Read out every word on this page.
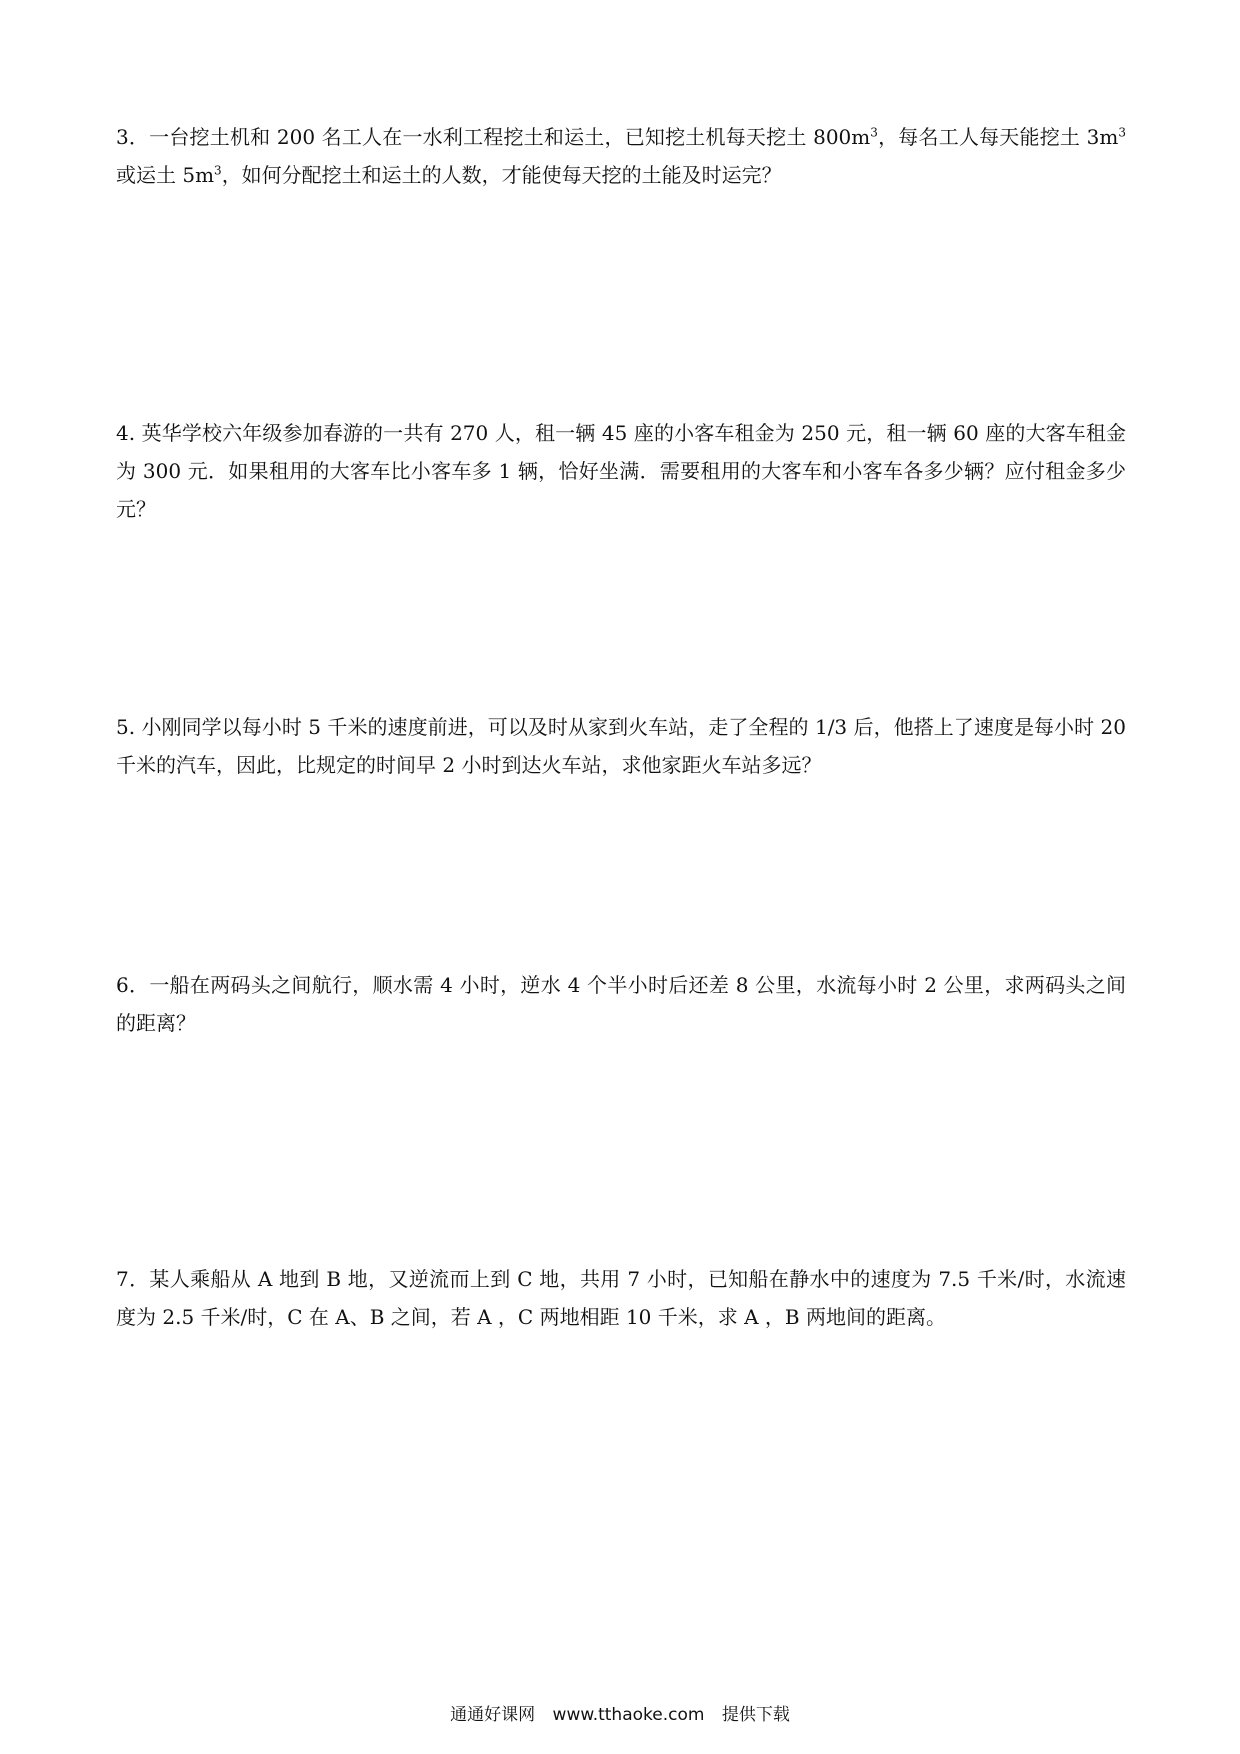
3．一台挖土机和 200 名工人在一水利工程挖土和运土，已知挖土机每天挖土 $800m^3$，每名工人每天能挖土 $3m^3$ 或运土 $5m^3$，如何分配挖土和运土的人数，才能使每天挖的土能及时运完？

4. 英华学校六年级参加春游的一共有 270 人，租一辆 45 座的小客车租金为 250 元，租一辆 60 座的大客车租金为 300 元．如果租用的大客车比小客车多 1 辆，恰好坐满．需要租用的大客车和小客车各多少辆？应付租金多少元？

5. 小刚同学以每小时 5 千米的速度前进，可以及时从家到火车站，走了全程的 1/3 后，他搭上了速度是每小时 20 千米的汽车，因此，比规定的时间早 2 小时到达火车站，求他家距火车站多远？

6．一船在两码头之间航行，顺水需 4 小时，逆水 4 个半小时后还差 8 公里，水流每小时 2 公里，求两码头之间的距离？

7．某人乘船从 A 地到 B 地，又逆流而上到 C 地，共用 7 小时，已知船在静水中的速度为 7.5 千米/时，水流速度为 2.5 千米/时，C 在 A、B 之间，若 A ，C 两地相距 10 千米，求 A ，B 两地间的距离。

通通好课网 www.tthaoke.com 提供下载
